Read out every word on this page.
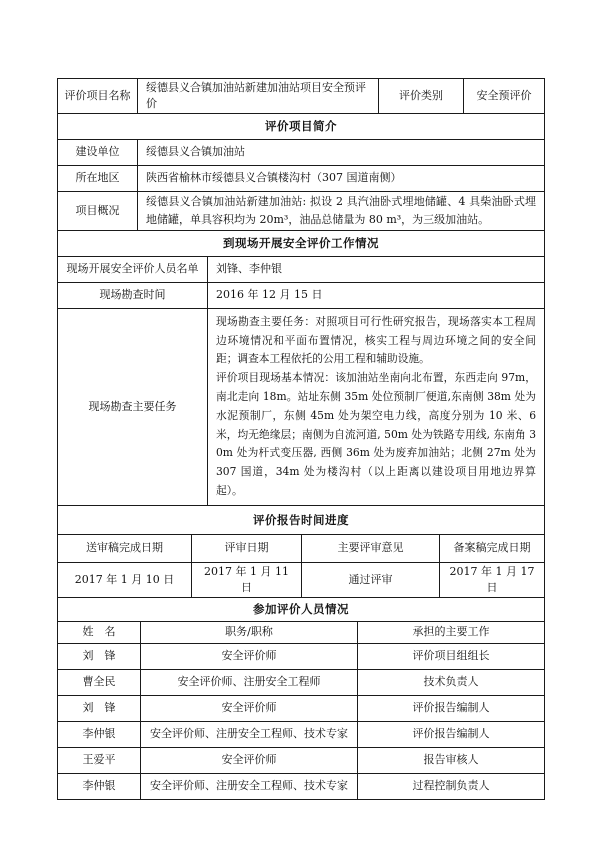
评价项目名称	绥德县义合镇加油站新建加油站项目安全预评价	评价类别	安全预评价
评价项目简介
建设单位	绥德县义合镇加油站
所在地区	陕西省榆林市绥德县义合镇楼沟村（307 国道南侧）
项目概况	绥德县义合镇加油站新建加油站: 拟设 2 具汽油卧式埋地储罐、4 具柴油卧式埋地储罐，单具容积均为 20m³，油品总储量为 80 m³，为三级加油站。
到现场开展安全评价工作情况
现场开展安全评价人员名单	刘锋、李仲银
现场勘查时间	2016 年 12 月 15 日
现场勘查主要任务	现场勘查主要任务：对照项目可行性研究报告，现场落实本工程周边环境情况和平面布置情况，核实工程与周边环境之间的安全间距；调查本工程依托的公用工程和辅助设施。

评价项目现场基本情况：该加油站坐南向北布置，东西走向 97m，南北走向 18m。站址东侧 35m 处位预制厂便道,东南侧 38m 处为水泥预制厂，东侧 45m 处为架空电力线，高度分别为 10 米、6 米，均无绝缘层；南侧为自流河道, 50m 处为铁路专用线, 东南角 30m 处为杆式变压器, 西侧 36m 处为废弃加油站；北侧 27m 处为 307 国道，34m 处为楼沟村（以上距离以建设项目用地边界算起）。

评价报告时间进度
送审稿完成日期	评审日期	主要评审意见	备案稿完成日期
2017 年 1 月 10 日	2017 年 1 月 11 日	通过评审	2017 年 1 月 17 日
参加评价人员情况
姓　名	职务/职称	承担的主要工作
刘　锋	安全评价师	评价项目组组长
曹全民	安全评价师、注册安全工程师	技术负责人
刘　锋	安全评价师	评价报告编制人
李仲银	安全评价师、注册安全工程师、技术专家	评价报告编制人
王爱平	安全评价师	报告审核人
李仲银	安全评价师、注册安全工程师、技术专家	过程控制负责人
